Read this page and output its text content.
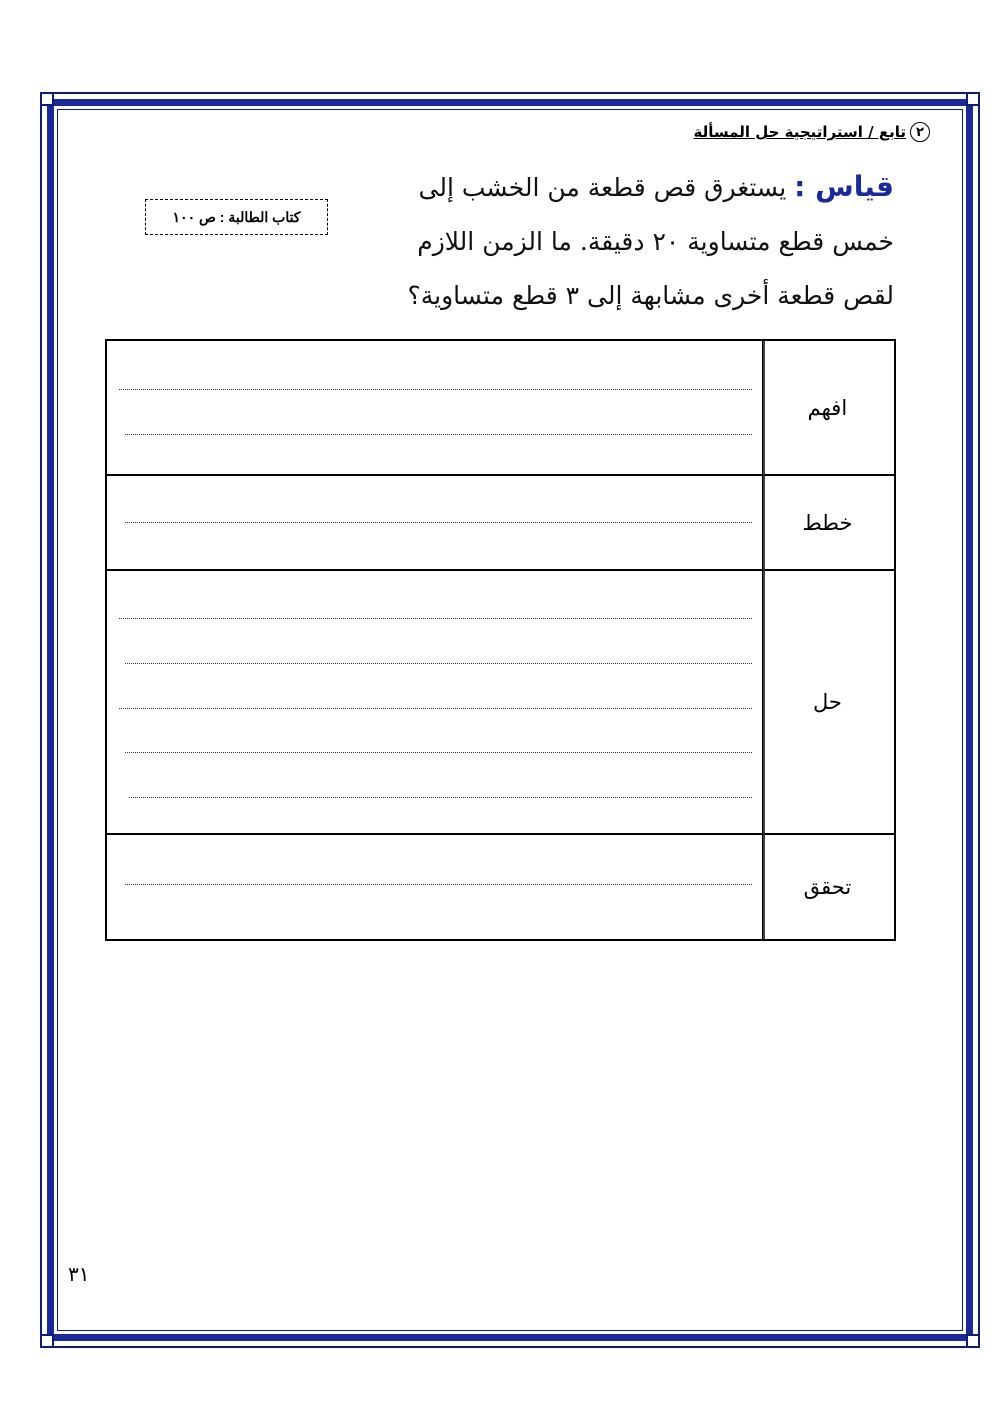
٢
تابع / استراتيجية حل المسألة
قياس : يستغرق قص قطعة من الخشب إلى خمس قطع متساوية ٢٠ دقيقة. ما الزمن اللازم لقص قطعة أخرى مشابهة إلى ٣ قطع متساوية؟
كتاب الطالبة : ص ١٠٠
	افهم

	خطط

	حل

	تحقق
٣١
